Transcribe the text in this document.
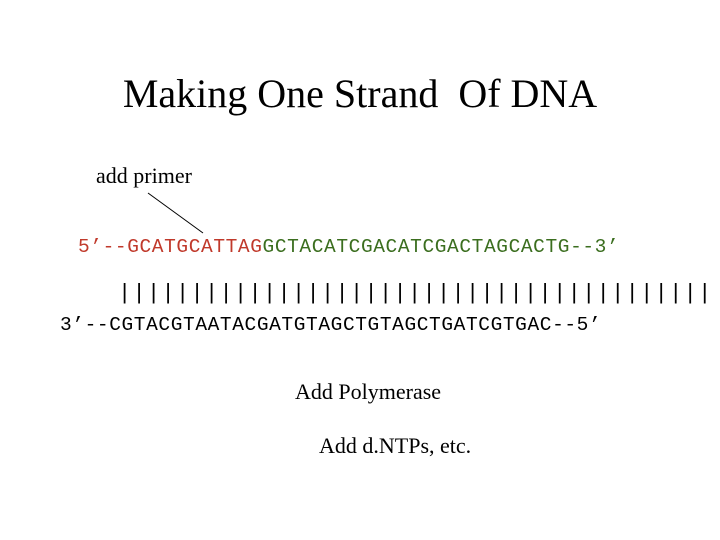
Making One Strand  Of DNA
add primer
5’--GCATGCATTAGGCTACATCGACATCGACTAGCACTG--3’
|||||||||||||||||||||||||||||||||||||||||
3’--CGTACGTAATACGATGTAGCTGTAGCTGATCGTGAC--5’
Add Polymerase
Add d.NTPs, etc.
